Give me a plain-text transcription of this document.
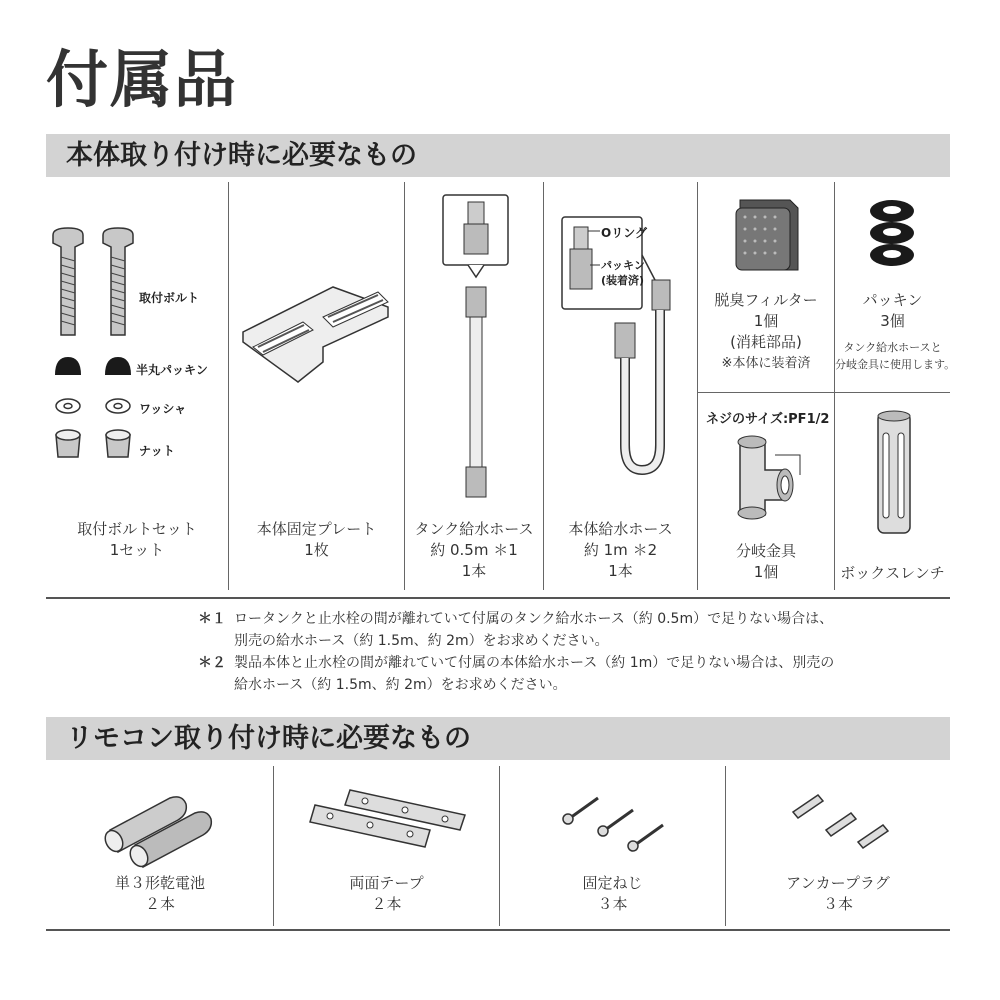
付属品
本体取り付け時に必要なもの
取付ボルト
半丸パッキン
ワッシャ
ナット
取付ボルトセット
1セット
本体固定プレート
1枚
タンク給水ホース
約 0.5m ＊1
1本
Oリング
パッキン
(装着済)
本体給水ホース
約 1m ＊2
1本
脱臭フィルター
1個
(消耗部品)
※本体に装着済
パッキン
3個
タンク給水ホースと
分岐金具に使用します。
ネジのサイズ:PF1/2
分岐金具
1個	ボックスレンチ
＊１ ロータンクと止水栓の間が離れていて付属のタンク給水ホース（約 0.5m）で足りない場合は、
別売の給水ホース（約 1.5m、約 2m）をお求めください。
＊２ 製品本体と止水栓の間が離れていて付属の本体給水ホース（約 1m）で足りない場合は、別売の
給水ホース（約 1.5m、約 2m）をお求めください。
リモコン取り付け時に必要なもの
単３形乾電池
２本
両面テープ
２本
固定ねじ
３本
アンカープラグ
３本
